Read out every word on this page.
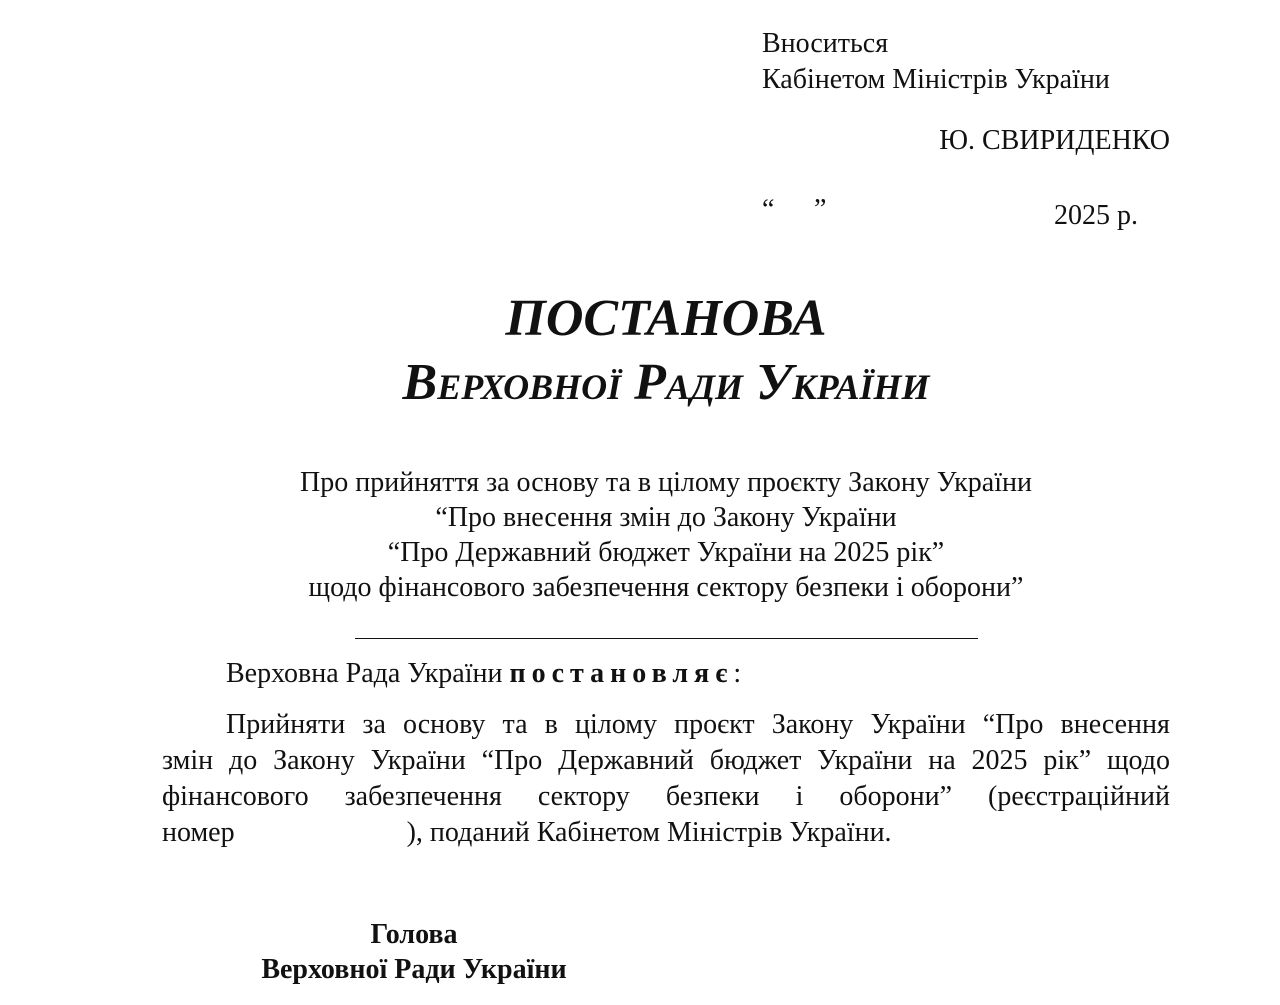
Вноситься
Кабінетом Міністрів України
Ю. СВИРИДЕНКО
“ ”	2025 р.
ПОСТАНОВА
Верховної Ради України
Про прийняття за основу та в цілому проєкту Закону України
“Про внесення змін до Закону України
“Про Державний бюджет України на 2025 рік”
щодо фінансового забезпечення сектору безпеки і оборони”
Верховна Рада України постановляє:
Прийняти за основу та в цілому проєкт Закону України “Про внесення
змін до Закону України “Про Державний бюджет України на 2025 рік” щодо
фінансового забезпечення сектору безпеки і оборони” (реєстраційний
номер	), поданий Кабінетом Міністрів України.
Голова
Верховної Ради України
